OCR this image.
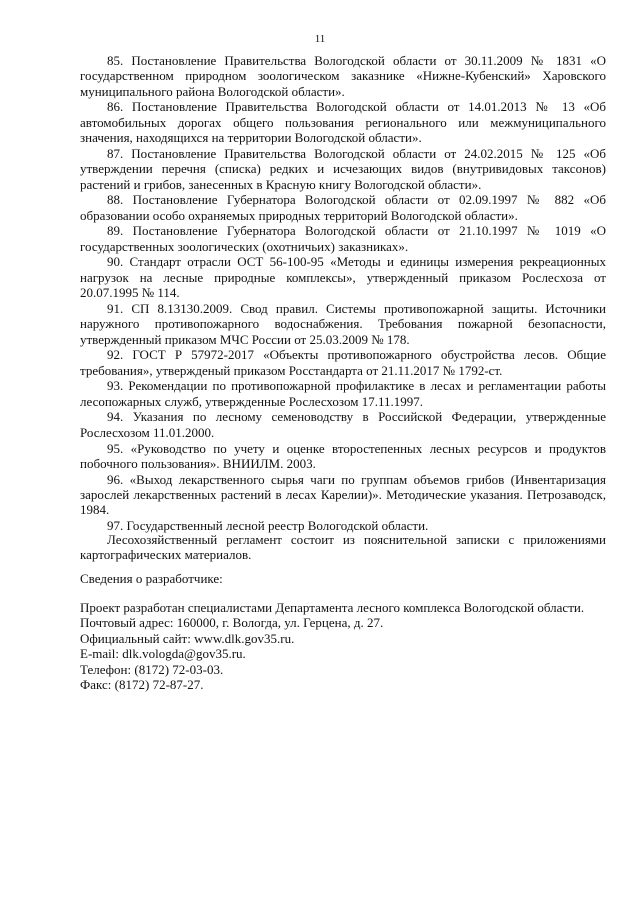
11

85. Постановление Правительства Вологодской области от 30.11.2009 № 1831 «О государственном природном зоологическом заказнике «Нижне-Кубенский» Харовского муниципального района Вологодской области».

86. Постановление Правительства Вологодской области от 14.01.2013 № 13 «Об автомобильных дорогах общего пользования регионального или межмуниципального значения, находящихся на территории Вологодской области».

87. Постановление Правительства Вологодской области от 24.02.2015 № 125 «Об утверждении перечня (списка) редких и исчезающих видов (внутривидовых таксонов) растений и грибов, занесенных в Красную книгу Вологодской области».

88. Постановление Губернатора Вологодской области от 02.09.1997 № 882 «Об образовании особо охраняемых природных территорий Вологодской области».

89. Постановление Губернатора Вологодской области от 21.10.1997 № 1019 «О государственных зоологических (охотничьих) заказниках».

90. Стандарт отрасли ОСТ 56-100-95 «Методы и единицы измерения рекреационных нагрузок на лесные природные комплексы», утвержденный приказом Рослесхоза от 20.07.1995 № 114.

91. СП 8.13130.2009. Свод правил. Системы противопожарной защиты. Источники наружного противопожарного водоснабжения. Требования пожарной безопасности, утвержденный приказом МЧС России от 25.03.2009 № 178.

92. ГОСТ Р 57972-2017 «Объекты противопожарного обустройства лесов. Общие требования», утвержденый приказом Росстандарта от 21.11.2017 № 1792-ст.

93. Рекомендации по противопожарной профилактике в лесах и регламентации работы лесопожарных служб, утвержденные Рослесхозом 17.11.1997.

94. Указания по лесному семеноводству в Российской Федерации, утвержденные Рослесхозом 11.01.2000.

95. «Руководство по учету и оценке второстепенных лесных ресурсов и продуктов побочного пользования». ВНИИЛМ. 2003.

96. «Выход лекарственного сырья чаги по группам объемов грибов (Инвентаризация зарослей лекарственных растений в лесах Карелии)». Методические указания. Петрозаводск, 1984.

97. Государственный лесной реестр Вологодской области.

Лесохозяйственный регламент состоит из пояснительной записки с приложениями картографических материалов.

Сведения о разработчике:

Проект разработан специалистами Департамента лесного комплекса Вологодской области.
Почтовый адрес: 160000, г. Вологда, ул. Герцена, д. 27.
Официальный сайт: www.dlk.gov35.ru.
E-mail: dlk.vologda@gov35.ru.
Телефон: (8172) 72-03-03.
Факс: (8172) 72-87-27.
